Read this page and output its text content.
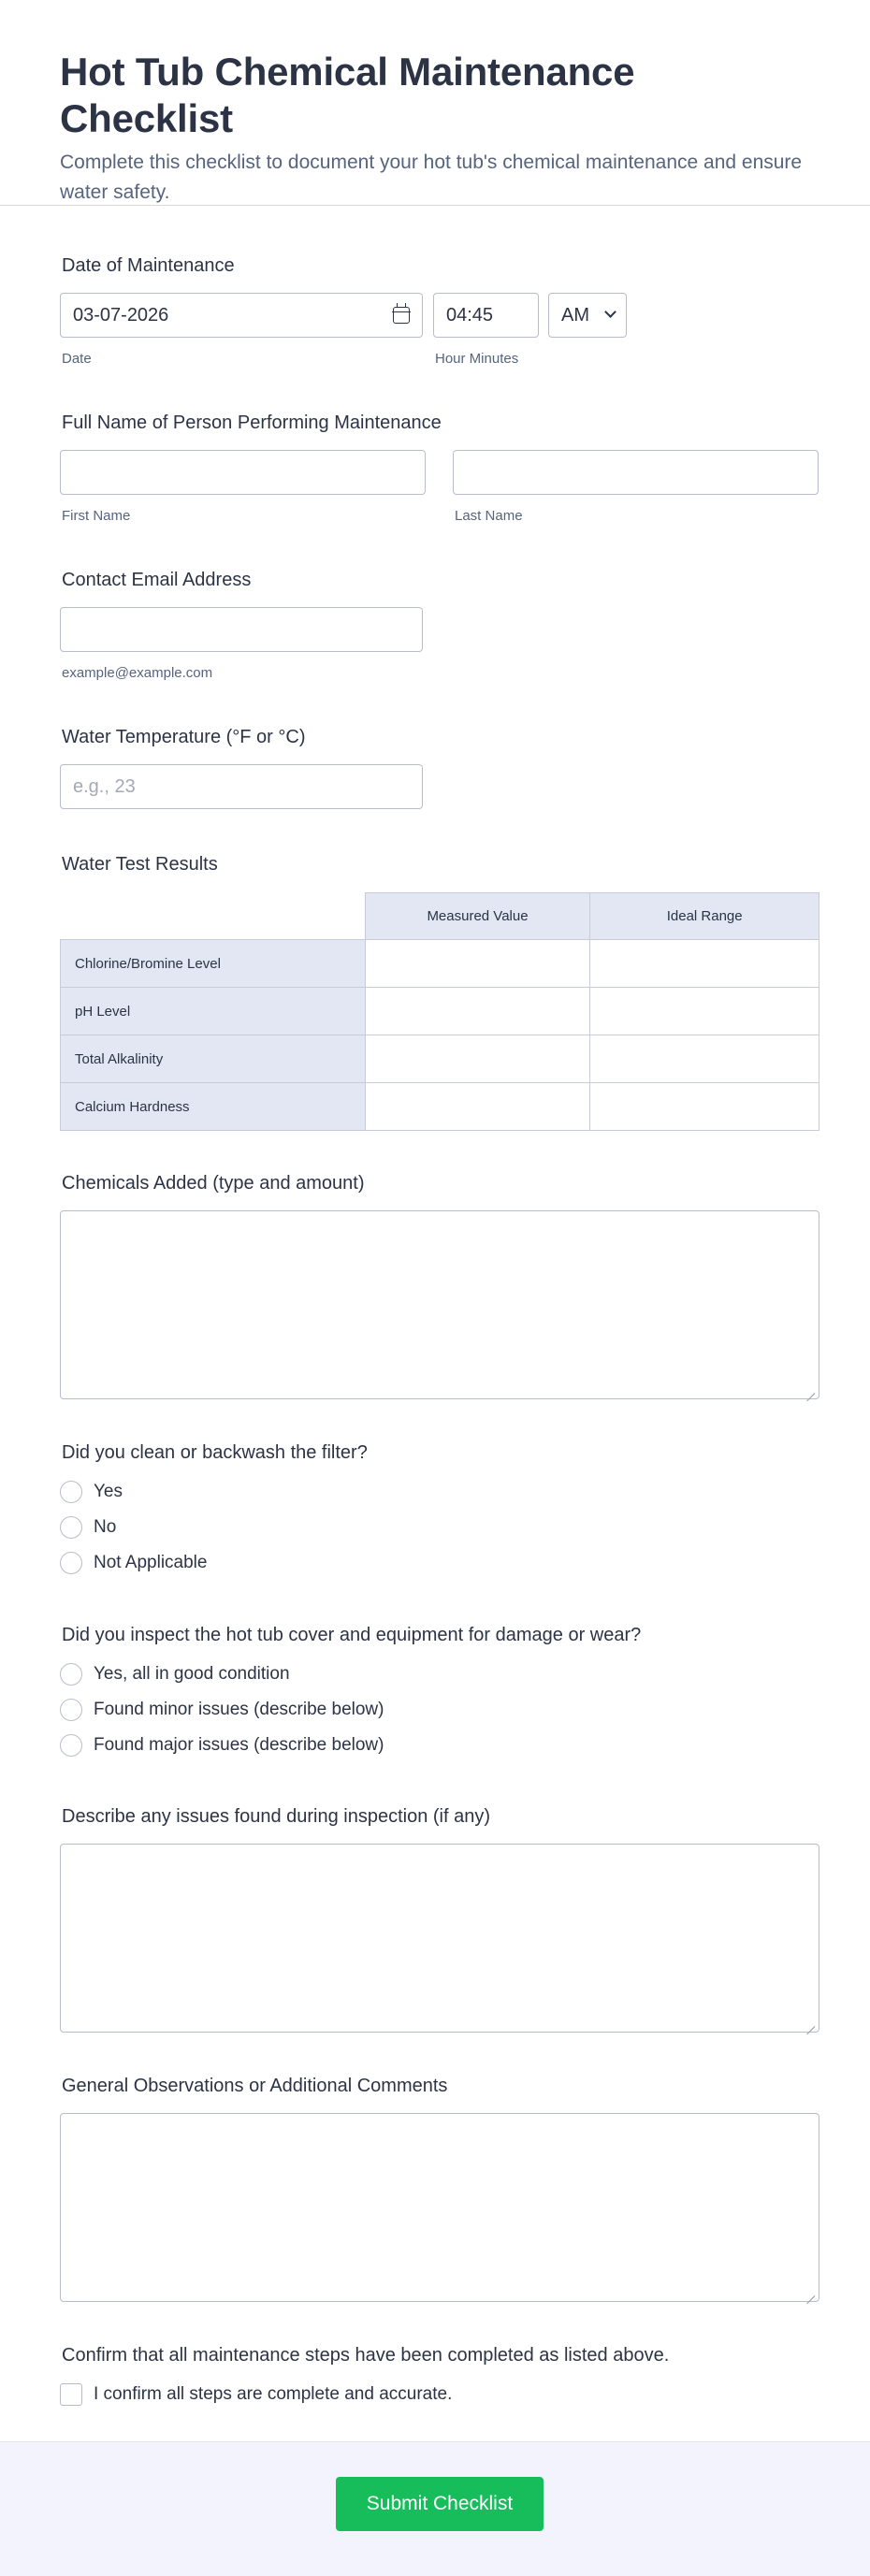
Hot Tub Chemical Maintenance Checklist

Complete this checklist to document your hot tub's chemical maintenance and ensure water safety.

Date of Maintenance
03-07-2026	04:45	AM
Date	Hour Minutes
Full Name of Person Performing Maintenance
First Name	Last Name
Contact Email Address
example@example.com
Water Temperature (°F or °C)
e.g., 23
Water Test Results
	Measured Value	Ideal Range
Chlorine/Bromine Level		
pH Level		
Total Alkalinity		
Calcium Hardness		
Chemicals Added (type and amount)
Did you clean or backwash the filter?
Yes
No
Not Applicable
Did you inspect the hot tub cover and equipment for damage or wear?
Yes, all in good condition
Found minor issues (describe below)
Found major issues (describe below)
Describe any issues found during inspection (if any)
General Observations or Additional Comments
Confirm that all maintenance steps have been completed as listed above.
I confirm all steps are complete and accurate.
Submit Checklist
